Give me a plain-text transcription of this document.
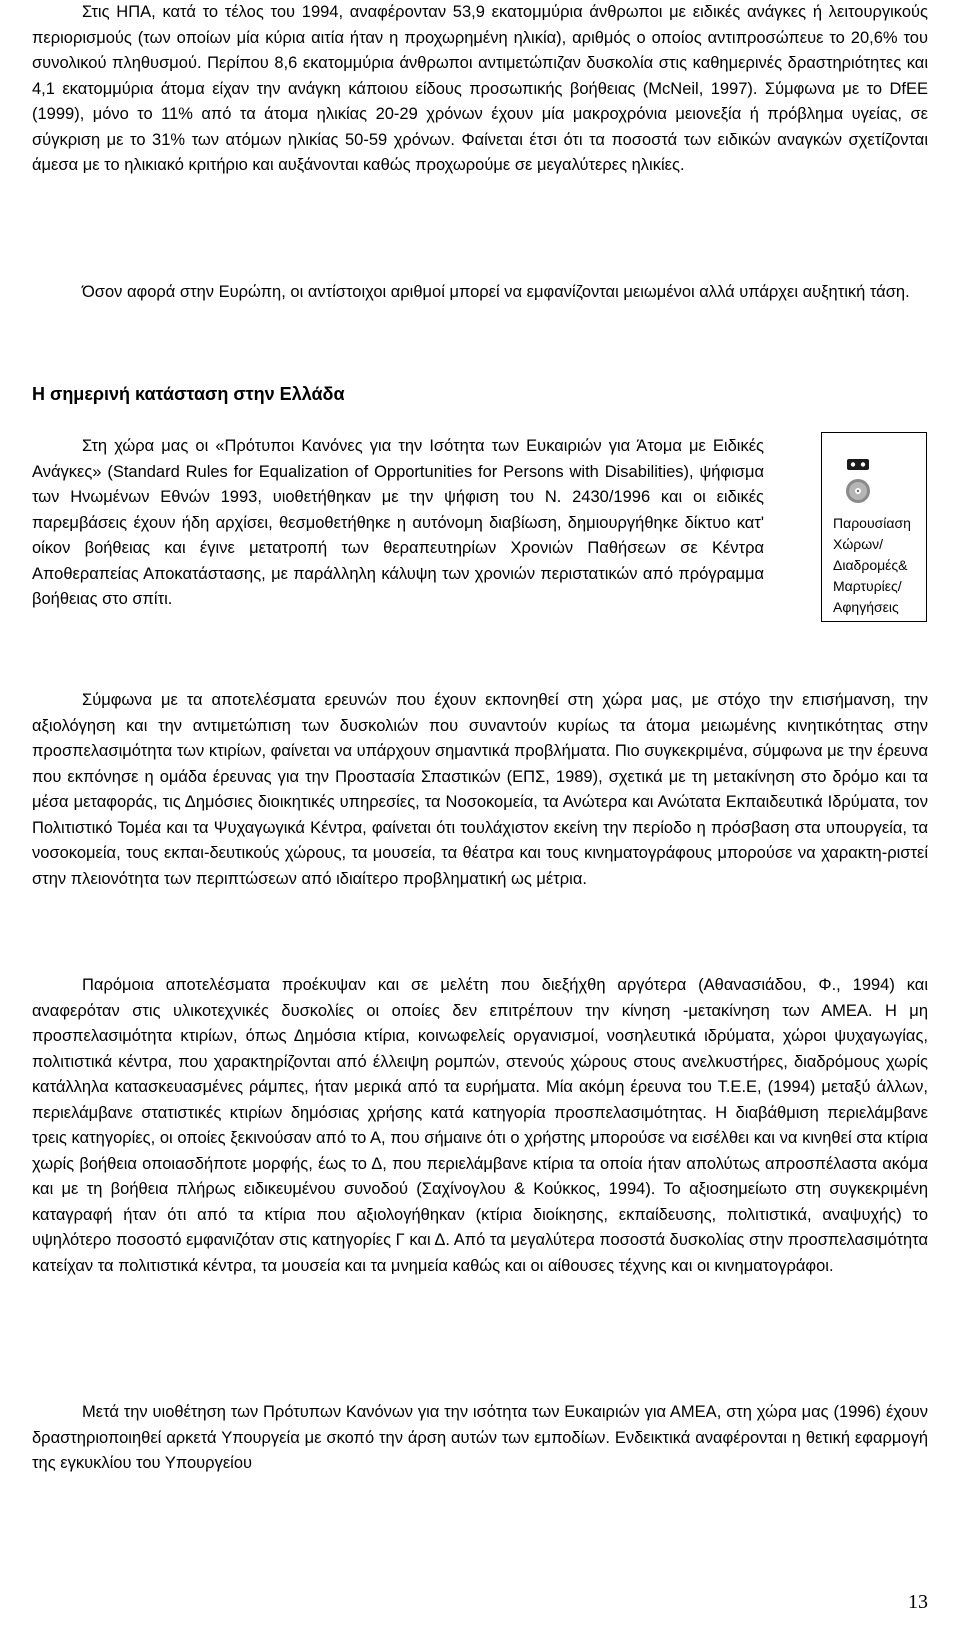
Στις ΗΠΑ, κατά το τέλος του 1994, αναφέρονταν 53,9 εκατομμύρια άνθρωποι με ειδικές ανάγκες ή λειτουργικούς περιορισμούς (των οποίων μία κύρια αιτία ήταν η προχωρημένη ηλικία), αριθμός ο οποίος αντιπροσώπευε το 20,6% του συνολικού πληθυσμού. Περίπου 8,6 εκατομμύρια άνθρωποι αντιμετώπιζαν δυσκολία στις καθημερινές δραστηριότητες και 4,1 εκατομμύρια άτομα είχαν την ανάγκη κάποιου είδους προσωπικής βοήθειας (McNeil, 1997). Σύμφωνα με το DfEE (1999), μόνο το 11% από τα άτομα ηλικίας 20-29 χρόνων έχουν μία μακροχρόνια μειονεξία ή πρόβλημα υγείας, σε σύγκριση με το 31% των ατόμων ηλικίας 50-59 χρόνων. Φαίνεται έτσι ότι τα ποσοστά των ειδικών αναγκών σχετίζονται άμεσα με το ηλικιακό κριτήριο και αυξάνονται καθώς προχωρούμε σε μεγαλύτερες ηλικίες.

Όσον αφορά στην Ευρώπη, οι αντίστοιχοι αριθμοί μπορεί να εμφανίζονται μειωμένοι αλλά υπάρχει αυξητική τάση.

Η σημερινή κατάσταση στην Ελλάδα

Στη χώρα μας οι «Πρότυποι Κανόνες για την Ισότητα των Ευκαιριών για Άτομα με Ειδικές Ανάγκες» (Standard Rules for Equalization of Opportunities for Persons with Disabilities), ψήφισμα των Ηνωμένων Εθνών 1993, υιοθετήθηκαν με την ψήφιση του Ν. 2430/1996 και οι ειδικές παρεμβάσεις έχουν ήδη αρχίσει, θεσμοθετήθηκε η αυτόνομη διαβίωση, δημιουργήθηκε δίκτυο κατ' οίκον βοήθειας και έγινε μετατροπή των θεραπευτηρίων Χρονιών Παθήσεων σε Κέντρα Αποθεραπείας Αποκατάστασης, με παράλληλη κάλυψη των χρονιών περιστατικών από πρόγραμμα βοήθειας στο σπίτι.

Παρουσίαση
Χώρων/
Διαδρομές&
Μαρτυρίες/
Αφηγήσεις

Σύμφωνα με τα αποτελέσματα ερευνών που έχουν εκπονηθεί στη χώρα μας, με στόχο την επισήμανση, την αξιολόγηση και την αντιμετώπιση των δυσκολιών που συναντούν κυρίως τα άτομα μειωμένης κινητικότητας στην προσπελασιμότητα των κτιρίων, φαίνεται να υπάρχουν σημαντικά προβλήματα. Πιο συγκεκριμένα, σύμφωνα με την έρευνα που εκπόνησε η ομάδα έρευνας για την Προστασία Σπαστικών (ΕΠΣ, 1989), σχετικά με τη μετακίνηση στο δρόμο και τα μέσα μεταφοράς, τις Δημόσιες διοικητικές υπηρεσίες, τα Νοσοκομεία, τα Ανώτερα και Ανώτατα Εκπαιδευτικά Ιδρύματα, τον Πολιτιστικό Τομέα και τα Ψυχαγωγικά Κέντρα, φαίνεται ότι τουλάχιστον εκείνη την περίοδο η πρόσβαση στα υπουργεία, τα νοσοκομεία, τους εκπαι-δευτικούς χώρους, τα μουσεία, τα θέατρα και τους κινηματογράφους μπορούσε να χαρακτη-ριστεί στην πλειονότητα των περιπτώσεων από ιδιαίτερο προβληματική ως μέτρια.

Παρόμοια αποτελέσματα προέκυψαν και σε μελέτη που διεξήχθη αργότερα (Αθανασιάδου, Φ., 1994) και αναφερόταν στις υλικοτεχνικές δυσκολίες οι οποίες δεν επιτρέπουν την κίνηση -μετακίνηση των ΑΜΕΑ. Η μη προσπελασιμότητα κτιρίων, όπως Δημόσια κτίρια, κοινωφελείς οργανισμοί, νοσηλευτικά ιδρύματα, χώροι ψυχαγωγίας, πολιτιστικά κέντρα, που χαρακτηρίζονται από έλλειψη ρομπών, στενούς χώρους στους ανελκυστήρες, διαδρόμους χωρίς κατάλληλα κατασκευασμένες ράμπες, ήταν μερικά από τα ευρήματα. Μία ακόμη έρευνα του Τ.Ε.Ε, (1994) μεταξύ άλλων, περιελάμβανε στατιστικές κτιρίων δημόσιας χρήσης κατά κατηγορία προσπελασιμότητας. Η διαβάθμιση περιελάμβανε τρεις κατηγορίες, οι οποίες ξεκινούσαν από το Α, που σήμαινε ότι ο χρήστης μπορούσε να εισέλθει και να κινηθεί στα κτίρια χωρίς βοήθεια οποιασδήποτε μορφής, έως το Δ, που περιελάμβανε κτίρια τα οποία ήταν απολύτως απροσπέλαστα ακόμα και με τη βοήθεια πλήρως ειδικευμένου συνοδού (Σαχίνογλου & Κούκκος, 1994). Το αξιοσημείωτο στη συγκεκριμένη καταγραφή ήταν ότι από τα κτίρια που αξιολογήθηκαν (κτίρια διοίκησης, εκπαίδευσης, πολιτιστικά, αναψυχής) το υψηλότερο ποσοστό εμφανιζόταν στις κατηγορίες Γ και Δ. Από τα μεγαλύτερα ποσοστά δυσκολίας στην προσπελασιμότητα κατείχαν τα πολιτιστικά κέντρα, τα μουσεία και τα μνημεία καθώς και οι αίθουσες τέχνης και οι κινηματογράφοι.

Μετά την υιοθέτηση των Πρότυπων Κανόνων για την ισότητα των Ευκαιριών για ΑΜΕΑ, στη χώρα μας (1996) έχουν δραστηριοποιηθεί αρκετά Υπουργεία με σκοπό την άρση αυτών των εμποδίων. Ενδεικτικά αναφέρονται η θετική εφαρμογή της εγκυκλίου του Υπουργείου

13
